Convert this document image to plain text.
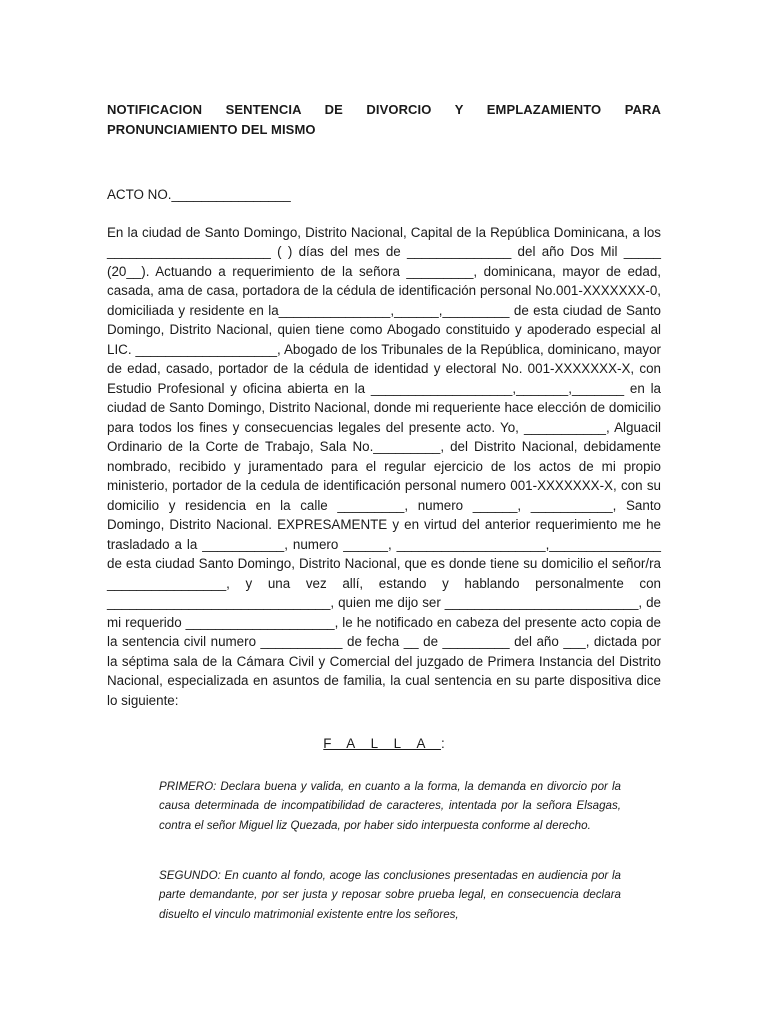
NOTIFICACION SENTENCIA DE DIVORCIO Y EMPLAZAMIENTO PARA PRONUNCIAMIENTO DEL MISMO

ACTO NO.________________
En la ciudad de Santo Domingo, Distrito Nacional, Capital de la República Dominicana, a los ______________________ ( ) días del mes de ______________ del año Dos Mil _____ (20__). Actuando a requerimiento de la señora _________, dominicana, mayor de edad, casada, ama de casa, portadora de la cédula de identificación personal No.001-XXXXXXX-0, domiciliada y residente en la_______________,______,_________ de esta ciudad de Santo Domingo, Distrito Nacional, quien tiene como Abogado constituido y apoderado especial al LIC. ___________________, Abogado de los Tribunales de la República, dominicano, mayor de edad, casado, portador de la cédula de identidad y electoral No. 001-XXXXXXX-X, con Estudio Profesional y oficina abierta en la ___________________,_______,_______ en la ciudad de Santo Domingo, Distrito Nacional, donde mi requeriente hace elección de domicilio para todos los fines y consecuencias legales del presente acto. Yo, ___________, Alguacil Ordinario de la Corte de Trabajo, Sala No._________, del Distrito Nacional, debidamente nombrado, recibido y juramentado para el regular ejercicio de los actos de mi propio ministerio, portador de la cedula de identificación personal numero 001-XXXXXXX-X, con su domicilio y residencia en la calle _________, numero ______, ___________, Santo Domingo, Distrito Nacional. EXPRESAMENTE y en virtud del anterior requerimiento me he trasladado a la ___________, numero ______, ____________________,_______________ de esta ciudad Santo Domingo, Distrito Nacional, que es donde tiene su domicilio el señor/ra ________________, y una vez allí, estando y hablando personalmente con ______________________________, quien me dijo ser __________________________, de mi requerido ____________________, le he notificado en cabeza del presente acto copia de la sentencia civil numero ___________ de fecha __ de _________ del año ___, dictada por la séptima sala de la Cámara Civil y Comercial del juzgado de Primera Instancia del Distrito Nacional, especializada en asuntos de familia, la cual sentencia en su parte dispositiva dice lo siguiente:
FALLA:
PRIMERO: Declara buena y valida, en cuanto a la forma, la demanda en divorcio por la causa determinada de incompatibilidad de caracteres, intentada por la señora Elsagas, contra el señor Miguel liz Quezada, por haber sido interpuesta conforme al derecho.
SEGUNDO: En cuanto al fondo, acoge las conclusiones presentadas en audiencia por la parte demandante, por ser justa y reposar sobre prueba legal, en consecuencia declara disuelto el vinculo matrimonial existente entre los señores,
